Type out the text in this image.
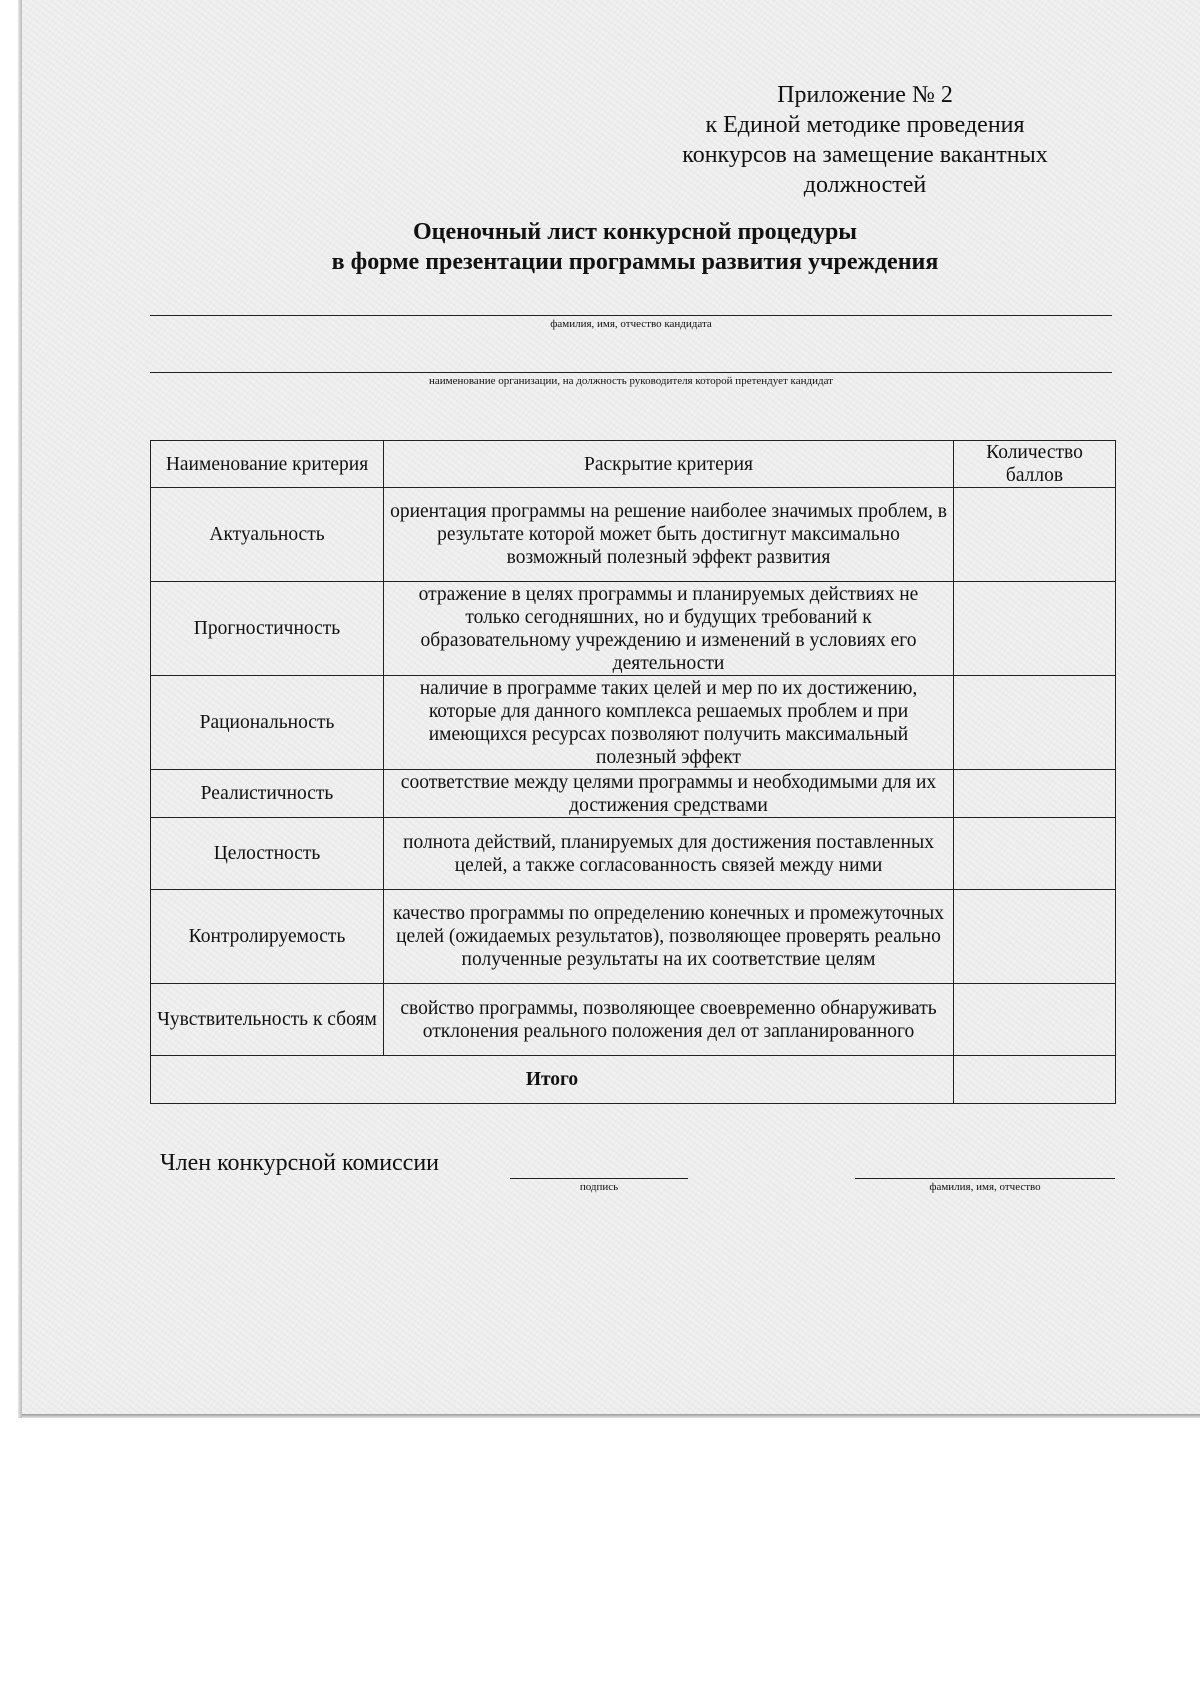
Приложение № 2
к Единой методике проведения
конкурсов на замещение вакантных
должностей
Оценочный лист конкурсной процедуры
в форме презентации программы развития учреждения
фамилия, имя, отчество кандидата
наименование организации, на должность руководителя которой претендует кандидат
Наименование критерия	Раскрытие критерия	Количество баллов
Актуальность	ориентация программы на решение наиболее значимых проблем, в результате которой может быть достигнут максимально возможный полезный эффект развития	
Прогностичность	отражение в целях программы и планируемых действиях не только сегодняшних, но и будущих требований к образовательному учреждению и изменений в условиях его деятельности	
Рациональность	наличие в программе таких целей и мер по их достижению, которые для данного комплекса решаемых проблем и при имеющихся ресурсах позволяют получить максимальный полезный эффект	
Реалистичность	соответствие между целями программы и необходимыми для их достижения средствами	
Целостность	полнота действий, планируемых для достижения поставленных целей, а также согласованность связей между ними	
Контролируемость	качество программы по определению конечных и промежуточных целей (ожидаемых результатов), позволяющее проверять реально полученные результаты на их соответствие целям	
Чувствительность к сбоям	свойство программы, позволяющее своевременно обнаруживать отклонения реального положения дел от запланированного	
Итого		
Член конкурсной комиссии
подпись	фамилия, имя, отчество
